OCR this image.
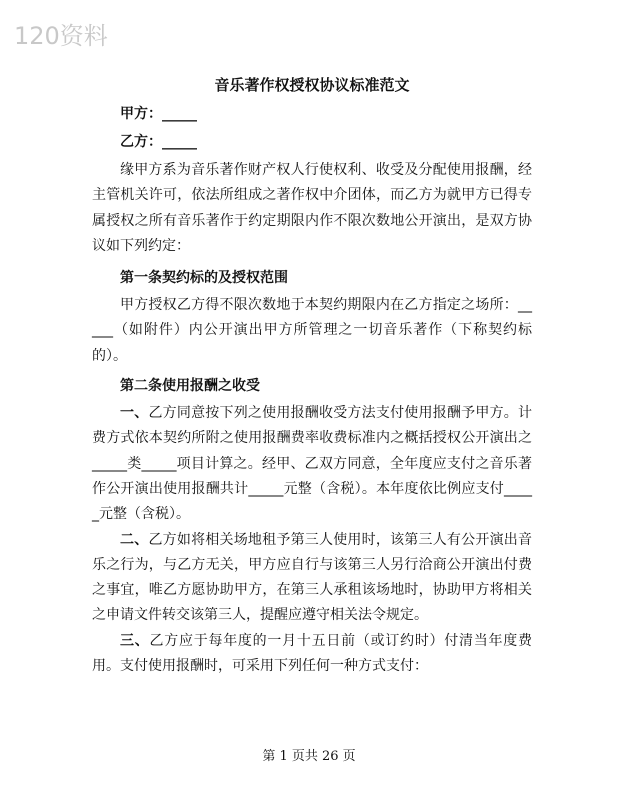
120资料
音乐著作权授权协议标准范文

甲方：_____

乙方：_____

缘甲方系为音乐著作财产权人行使权利、收受及分配使用报酬，经主管机关许可，依法所组成之著作权中介团体，而乙方为就甲方已得专属授权之所有音乐著作于约定期限内作不限次数地公开演出，是双方协议如下列约定：

第一条契约标的及授权范围

甲方授权乙方得不限次数地于本契约期限内在乙方指定之场所：_____（如附件）内公开演出甲方所管理之一切音乐著作（下称契约标的）。

第二条使用报酬之收受

一、乙方同意按下列之使用报酬收受方法支付使用报酬予甲方。计费方式依本契约所附之使用报酬费率收费标准内之概括授权公开演出之_____类_____项目计算之。经甲、乙双方同意，全年度应支付之音乐著作公开演出使用报酬共计_____元整（含税）。本年度依比例应支付_____元整（含税）。

二、乙方如将相关场地租予第三人使用时，该第三人有公开演出音乐之行为，与乙方无关，甲方应自行与该第三人另行洽商公开演出付费之事宜，唯乙方愿协助甲方，在第三人承租该场地时，协助甲方将相关之申请文件转交该第三人，提醒应遵守相关法令规定。

三、乙方应于每年度的一月十五日前（或订约时）付清当年度费用。支付使用报酬时，可采用下列任何一种方式支付：

第 1 页共 26 页
